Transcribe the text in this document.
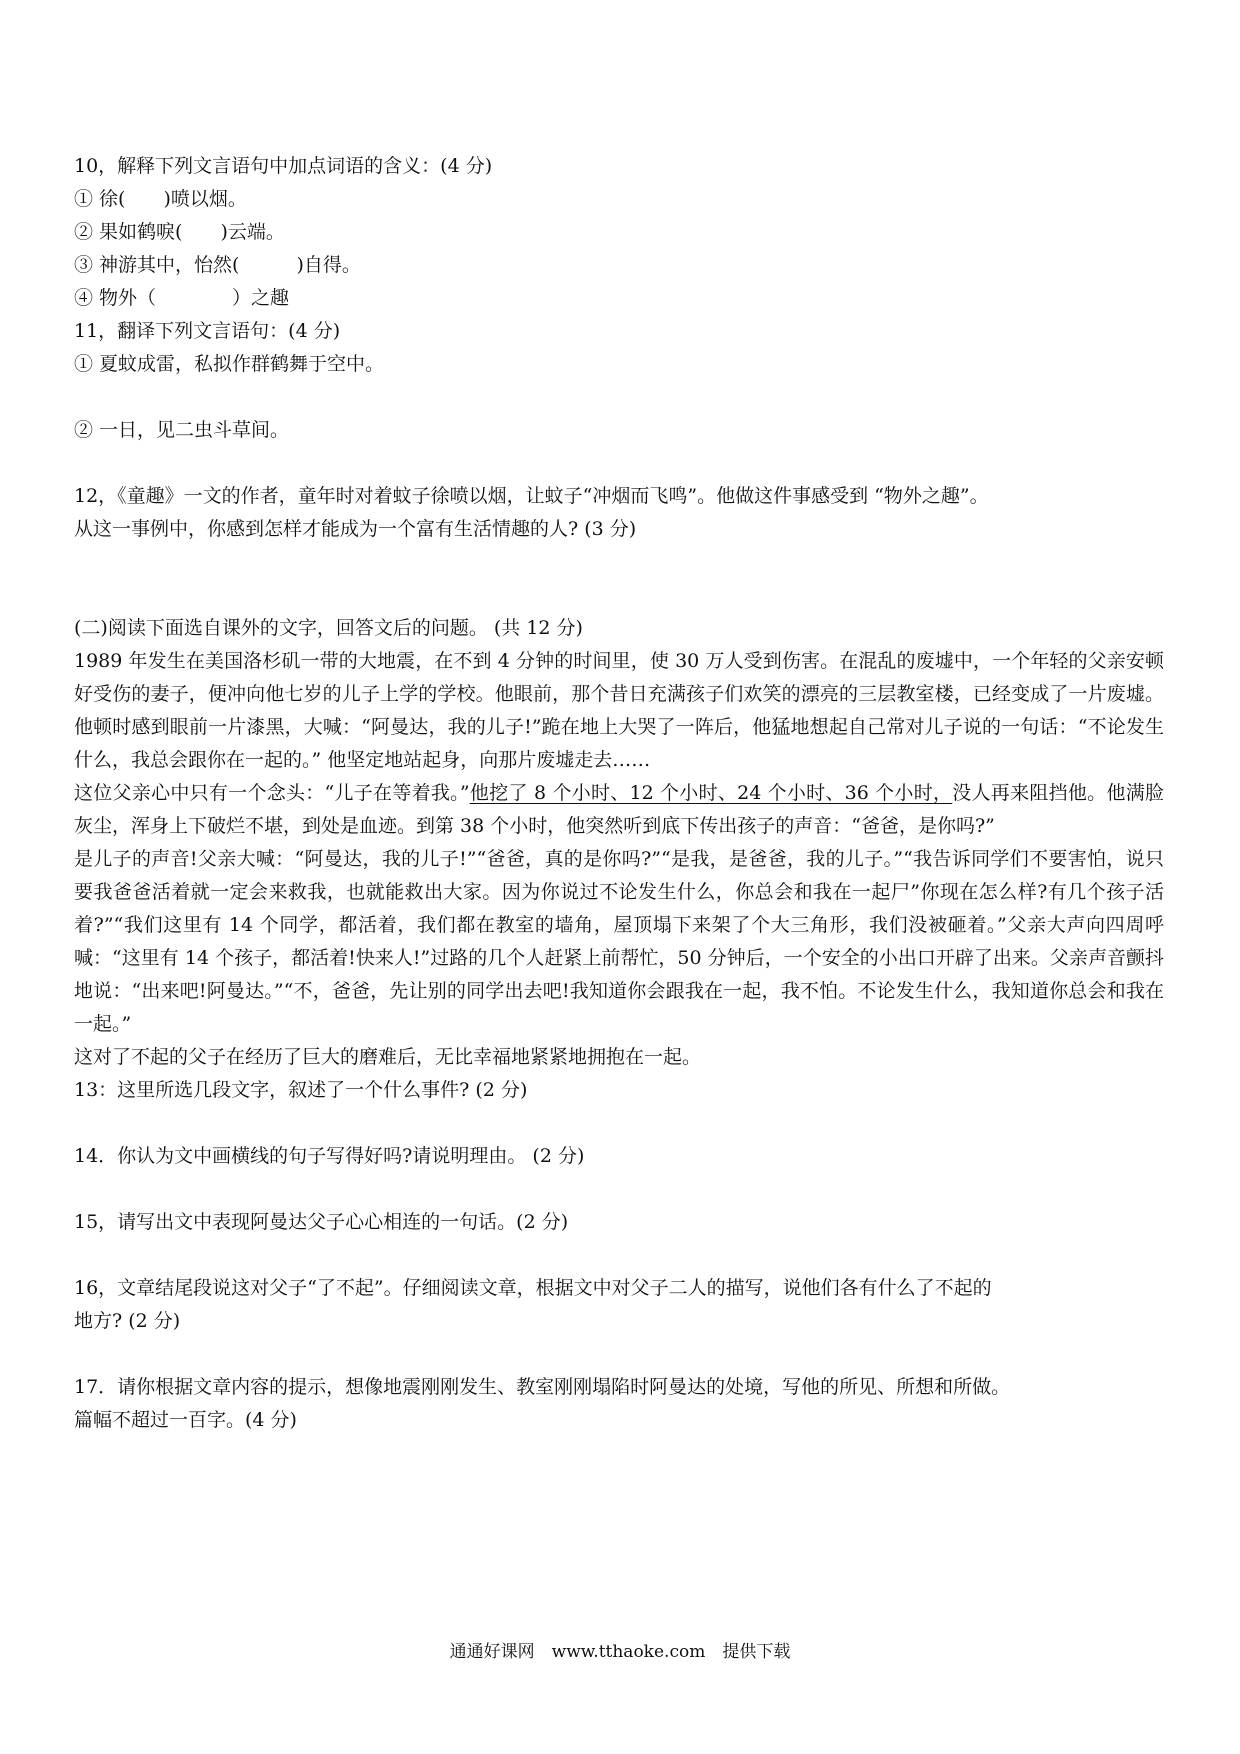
10，解释下列文言语句中加点词语的含义：(4 分)
① 徐(　　)喷以烟。
② 果如鹤唳(　　)云端。
③ 神游其中，怡然(　　　)自得。
④ 物外（　　　　）之趣
11，翻译下列文言语句：(4 分)
① 夏蚊成雷，私拟作群鹤舞于空中。
② 一日，见二虫斗草间。
12，《童趣》一文的作者，童年时对着蚊子徐喷以烟，让蚊子“冲烟而飞鸣”。他做这件事感受到 “物外之趣”。
从这一事例中，你感到怎样才能成为一个富有生活情趣的人? (3 分)
(二)阅读下面选自课外的文字，回答文后的问题。 (共 12 分)
1989 年发生在美国洛杉矶一带的大地震，在不到 4 分钟的时间里，使 30 万人受到伤害。在混乱的废墟中，一个年轻的父亲安顿好受伤的妻子，便冲向他七岁的儿子上学的学校。他眼前，那个昔日充满孩子们欢笑的漂亮的三层教室楼，已经变成了一片废墟。他顿时感到眼前一片漆黑，大喊：“阿曼达，我的儿子!”跪在地上大哭了一阵后，他猛地想起自己常对儿子说的一句话：“不论发生什么，我总会跟你在一起的。” 他坚定地站起身，向那片废墟走去……
这位父亲心中只有一个念头：“儿子在等着我。”他挖了 8 个小时、12 个小时、24 个小时、36 个小时，没人再来阻挡他。他满脸灰尘，浑身上下破烂不堪，到处是血迹。到第 38 个小时，他突然听到底下传出孩子的声音：“爸爸，是你吗?”
是儿子的声音!父亲大喊：“阿曼达，我的儿子!”“爸爸，真的是你吗?”“是我，是爸爸，我的儿子。”“我告诉同学们不要害怕，说只要我爸爸活着就一定会来救我，也就能救出大家。因为你说过不论发生什么，你总会和我在一起尸”你现在怎么样?有几个孩子活着?”“我们这里有 14 个同学，都活着，我们都在教室的墙角，屋顶塌下来架了个大三角形，我们没被砸着。”父亲大声向四周呼喊：“这里有 14 个孩子，都活着!快来人!”过路的几个人赶紧上前帮忙，50 分钟后，一个安全的小出口开辟了出来。父亲声音颤抖地说：“出来吧!阿曼达。”“不，爸爸，先让别的同学出去吧!我知道你会跟我在一起，我不怕。不论发生什么，我知道你总会和我在一起。”
这对了不起的父子在经历了巨大的磨难后，无比幸福地紧紧地拥抱在一起。
13：这里所选几段文字，叙述了一个什么事件? (2 分)
14．你认为文中画横线的句子写得好吗?请说明理由。 (2 分)
15，请写出文中表现阿曼达父子心心相连的一句话。(2 分)
16，文章结尾段说这对父子“了不起”。仔细阅读文章，根据文中对父子二人的描写，说他们各有什么了不起的
地方? (2 分)
17．请你根据文章内容的提示，想像地震刚刚发生、教室刚刚塌陷时阿曼达的处境，写他的所见、所想和所做。
篇幅不超过一百字。(4 分)
通通好课网　www.tthaoke.com　提供下载
